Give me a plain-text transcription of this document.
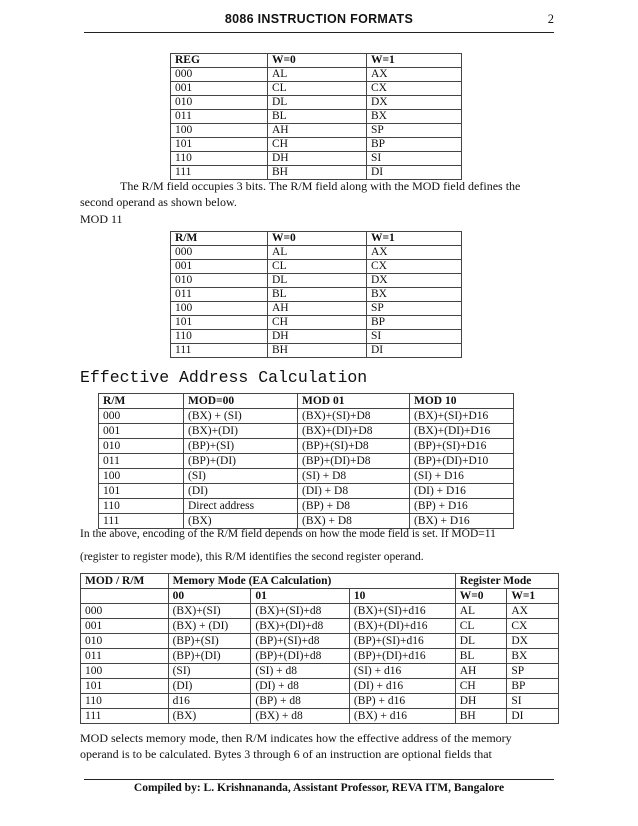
8086 INSTRUCTION FORMATS	2
REG	W=0	W=1
000	AL	AX
001	CL	CX
010	DL	DX
011	BL	BX
100	AH	SP
101	CH	BP
110	DH	SI
111	BH	DI
The R/M field occupies 3 bits. The R/M field along with the MOD field defines the
second operand as shown below.
MOD 11
R/M	W=0	W=1
000	AL	AX
001	CL	CX
010	DL	DX
011	BL	BX
100	AH	SP
101	CH	BP
110	DH	SI
111	BH	DI
Effective Address Calculation
R/M	MOD=00	MOD 01	MOD 10
000	(BX) + (SI)	(BX)+(SI)+D8	(BX)+(SI)+D16
001	(BX)+(DI)	(BX)+(DI)+D8	(BX)+(DI)+D16
010	(BP)+(SI)	(BP)+(SI)+D8	(BP)+(SI)+D16
011	(BP)+(DI)	(BP)+(DI)+D8	(BP)+(DI)+D10
100	(SI)	(SI) + D8	(SI) + D16
101	(DI)	(DI) + D8	(DI) + D16
110	Direct address	(BP) + D8	(BP) + D16
111	(BX)	(BX) + D8	(BX) + D16
In the above, encoding of the R/M field depends on how the mode field is set. If MOD=11
(register to register mode), this R/M identifies the second register operand.
MOD / R/M	Memory Mode (EA Calculation)			Register Mode	
	00	01	10	W=0	W=1
000	(BX)+(SI)	(BX)+(SI)+d8	(BX)+(SI)+d16	AL	AX
001	(BX) + (DI)	(BX)+(DI)+d8	(BX)+(DI)+d16	CL	CX
010	(BP)+(SI)	(BP)+(SI)+d8	(BP)+(SI)+d16	DL	DX
011	(BP)+(DI)	(BP)+(DI)+d8	(BP)+(DI)+d16	BL	BX
100	(SI)	(SI) + d8	(SI) + d16	AH	SP
101	(DI)	(DI) + d8	(DI) + d16	CH	BP
110	d16	(BP) + d8	(BP) + d16	DH	SI
111	(BX)	(BX) + d8	(BX) + d16	BH	DI
MOD selects memory mode, then R/M indicates how the effective address of the memory
operand is to be calculated. Bytes 3 through 6 of an instruction are optional fields that
Compiled by: L. Krishnananda, Assistant Professor, REVA ITM, Bangalore
